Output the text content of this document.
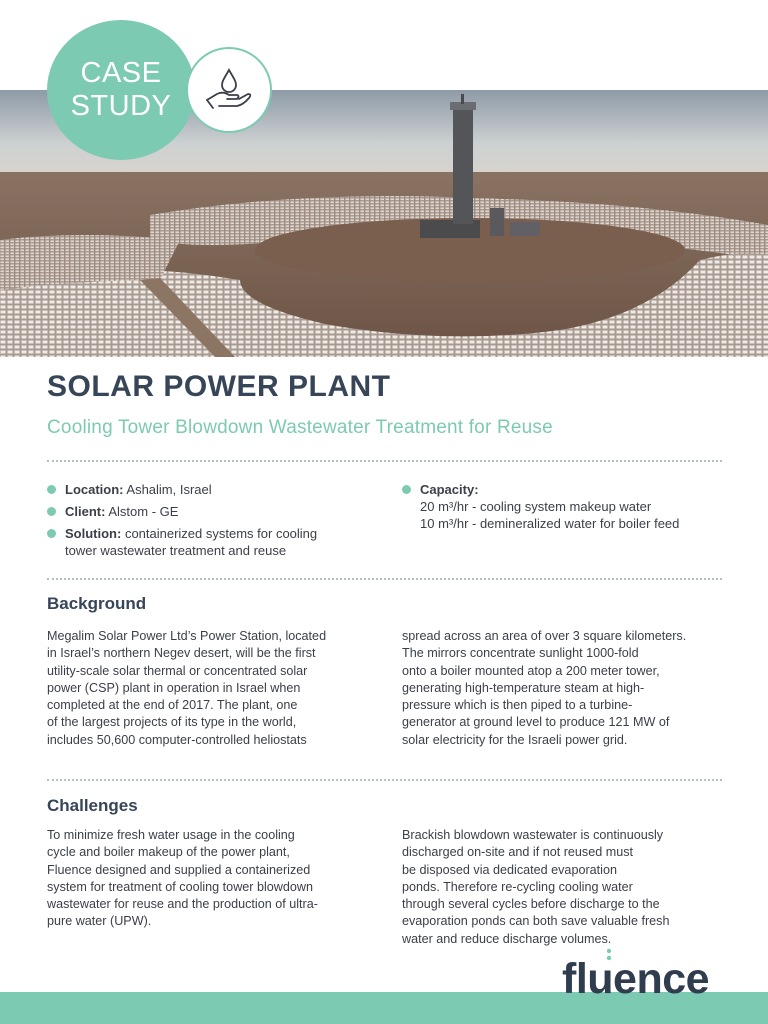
CASE
STUDY
SOLAR POWER PLANT

Cooling Tower Blowdown Wastewater Treatment for Reuse

Location: Ashalim, Israel
Client: Alstom - GE
Solution: containerized systems for cooling
tower wastewater treatment and reuse
Capacity:
20 m³/hr - cooling system makeup water
10 m³/hr - demineralized water for boiler feed
Background

Megalim Solar Power Ltd’s Power Station, located
in Israel’s northern Negev desert, will be the first
utility-scale solar thermal or concentrated solar
power (CSP) plant in operation in Israel when
completed at the end of 2017. The plant, one
of the largest projects of its type in the world,
includes 50,600 computer-controlled heliostats

spread across an area of over 3 square kilometers.
The mirrors concentrate sunlight 1000-fold
onto a boiler mounted atop a 200 meter tower,
generating high-temperature steam at high-
pressure which is then piped to a turbine-
generator at ground level to produce 121 MW of
solar electricity for the Israeli power grid.

Challenges

To minimize fresh water usage in the cooling
cycle and boiler makeup of the power plant,
Fluence designed and supplied a containerized
system for treatment of cooling tower blowdown
wastewater for reuse and the production of ultra-
pure water (UPW).

Brackish blowdown wastewater is continuously
discharged on-site and if not reused must
be disposed via dedicated evaporation
ponds. Therefore re-cycling cooling water
through several cycles before discharge to the
evaporation ponds can both save valuable fresh
water and reduce discharge volumes.

fluence
